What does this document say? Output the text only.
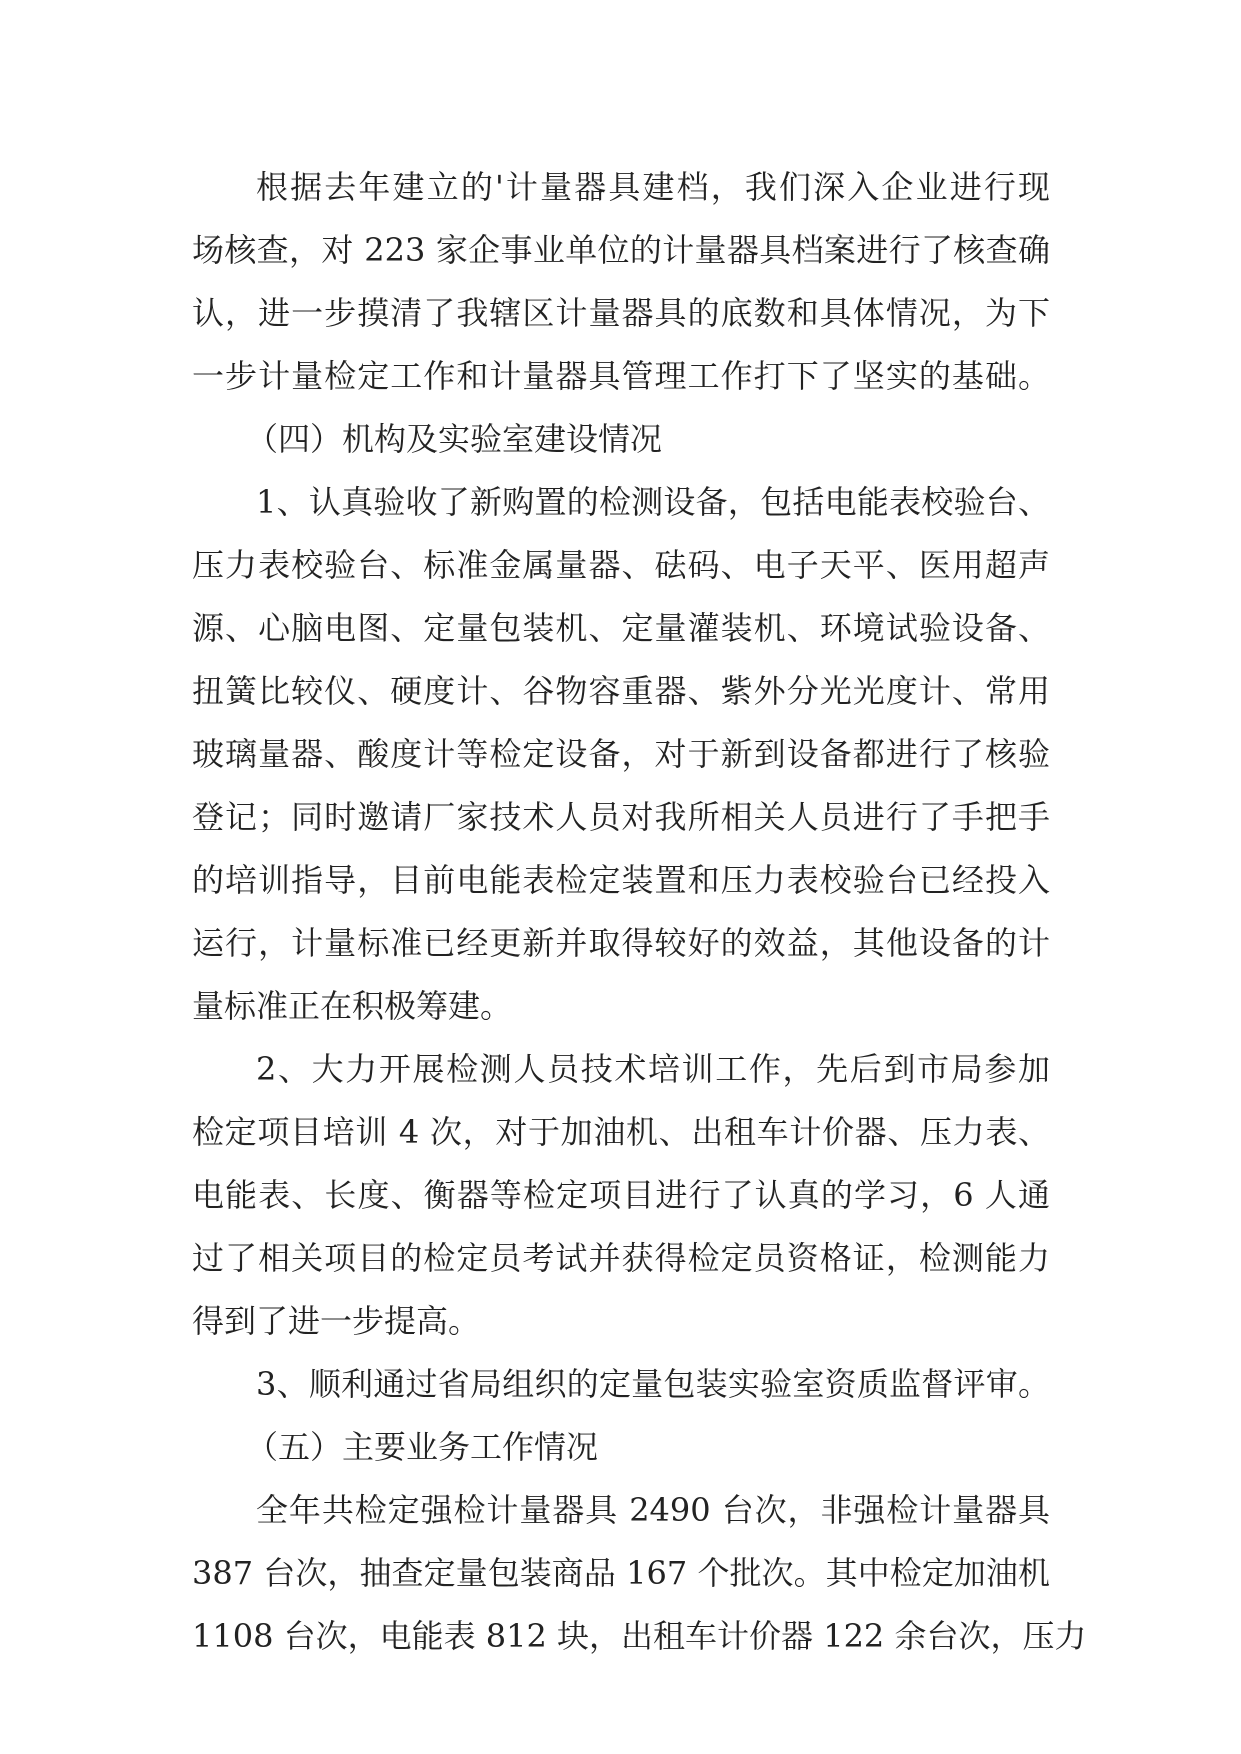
根据去年建立的'计量器具建档，我们深入企业进行现
场核查，对 223 家企事业单位的计量器具档案进行了核查确
认，进一步摸清了我辖区计量器具的底数和具体情况，为下
一步计量检定工作和计量器具管理工作打下了坚实的基础。
（四）机构及实验室建设情况
1、认真验收了新购置的检测设备，包括电能表校验台、
压力表校验台、标准金属量器、砝码、电子天平、医用超声
源、心脑电图、定量包装机、定量灌装机、环境试验设备、
扭簧比较仪、硬度计、谷物容重器、紫外分光光度计、常用
玻璃量器、酸度计等检定设备，对于新到设备都进行了核验
登记；同时邀请厂家技术人员对我所相关人员进行了手把手
的培训指导，目前电能表检定装置和压力表校验台已经投入
运行，计量标准已经更新并取得较好的效益，其他设备的计
量标准正在积极筹建。
2、大力开展检测人员技术培训工作，先后到市局参加
检定项目培训 4 次，对于加油机、出租车计价器、压力表、
电能表、长度、衡器等检定项目进行了认真的学习，6 人通
过了相关项目的检定员考试并获得检定员资格证，检测能力
得到了进一步提高。
3、顺利通过省局组织的定量包装实验室资质监督评审。
（五）主要业务工作情况
全年共检定强检计量器具 2490 台次，非强检计量器具
387 台次，抽查定量包装商品 167 个批次。其中检定加油机
1108 台次，电能表 812 块，出租车计价器 122 余台次，压力
